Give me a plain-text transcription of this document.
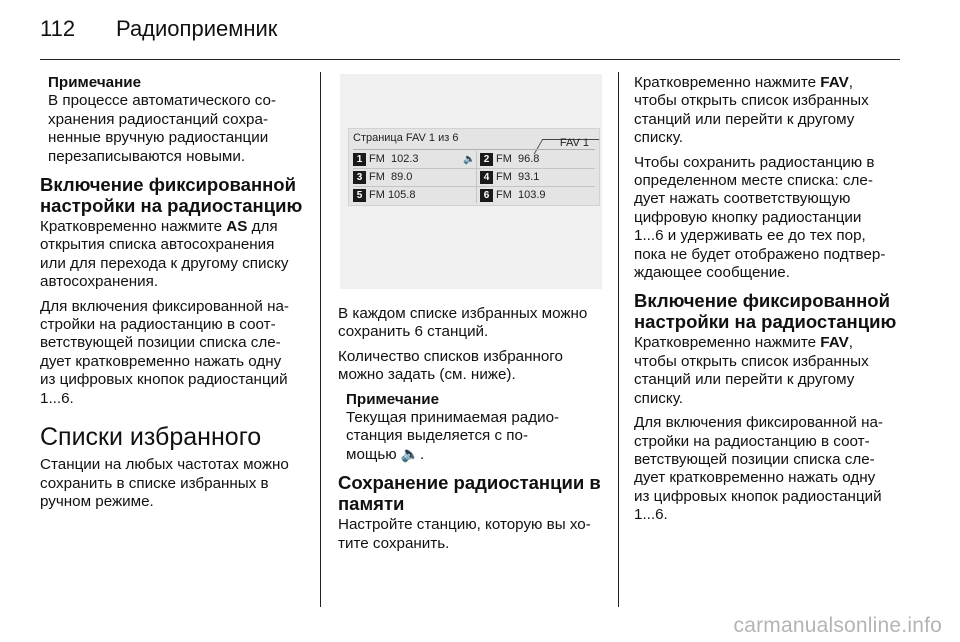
112 Радиоприемник
Примечание
В процессе автоматического со-
хранения радиостанций сохра-
ненные вручную радиостанции
перезаписываются новыми.
Включение фиксированной
настройки на радиостанцию

Кратковременно нажмите AS для
открытия списка автосохранения
или для перехода к другому списку
автосохранения.

Для включения фиксированной на-
стройки на радиостанцию в соот-
ветствующей позиции списка сле-
дует кратковременно нажать одну
из цифровых кнопок радиостанций
1...6.

Списки избранного

Станции на любых частотах можно
сохранить в списке избранных в
ручном режиме.

Страница FAV 1 из 6	FAV 1
1 FM  102.3	🔈 2 FM  96.8
3 FM  89.0	4 FM  93.1
5 FM 105.8	6 FM  103.9

В каждом списке избранных можно
сохранить 6 станций.

Количество списков избранного
можно задать (см. ниже).

Примечание
Текущая принимаемая радио-
станция выделяется с по-
мощью 🔈.
Сохранение радиостанции в
памяти

Настройте станцию, которую вы хо-
тите сохранить.

Кратковременно нажмите FAV,
чтобы открыть список избранных
станций или перейти к другому
списку.

Чтобы сохранить радиостанцию в
определенном месте списка: сле-
дует нажать соответствующую
цифровую кнопку радиостанции
1...6 и удерживать ее до тех пор,
пока не будет отображено подтвер-
ждающее сообщение.

Включение фиксированной
настройки на радиостанцию

Кратковременно нажмите FAV,
чтобы открыть список избранных
станций или перейти к другому
списку.

Для включения фиксированной на-
стройки на радиостанцию в соот-
ветствующей позиции списка сле-
дует кратковременно нажать одну
из цифровых кнопок радиостанций
1...6.

carmanualsonline.info
